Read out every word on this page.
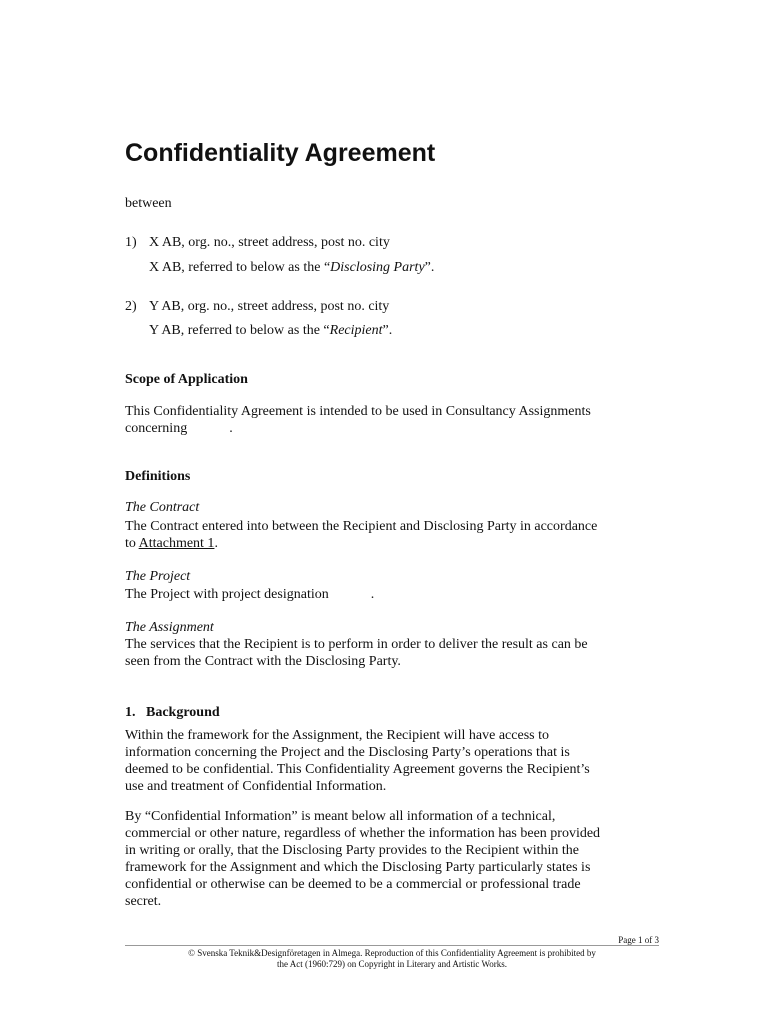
Confidentiality Agreement
between
1) X AB, org. no., street address, post no. city
X AB, referred to below as the “Disclosing Party”.
2) Y AB, org. no., street address, post no. city
Y AB, referred to below as the “Recipient”.
Scope of Application
This Confidentiality Agreement is intended to be used in Consultancy Assignments
concerning	.
Definitions
The Contract
The Contract entered into between the Recipient and Disclosing Party in accordance
to Attachment 1.
The Project
The Project with project designation	.
The Assignment
The services that the Recipient is to perform in order to deliver the result as can be
seen from the Contract with the Disclosing Party.
1.   Background
Within the framework for the Assignment, the Recipient will have access to
information concerning the Project and the Disclosing Party’s operations that is
deemed to be confidential. This Confidentiality Agreement governs the Recipient’s
use and treatment of Confidential Information.
By “Confidential Information” is meant below all information of a technical,
commercial or other nature, regardless of whether the information has been provided
in writing or orally, that the Disclosing Party provides to the Recipient within the
framework for the Assignment and which the Disclosing Party particularly states is
confidential or otherwise can be deemed to be a commercial or professional trade
secret.
Page 1 of 3
© Svenska Teknik&Designföretagen in Almega. Reproduction of this Confidentiality Agreement is prohibited by
the Act (1960:729) on Copyright in Literary and Artistic Works.
